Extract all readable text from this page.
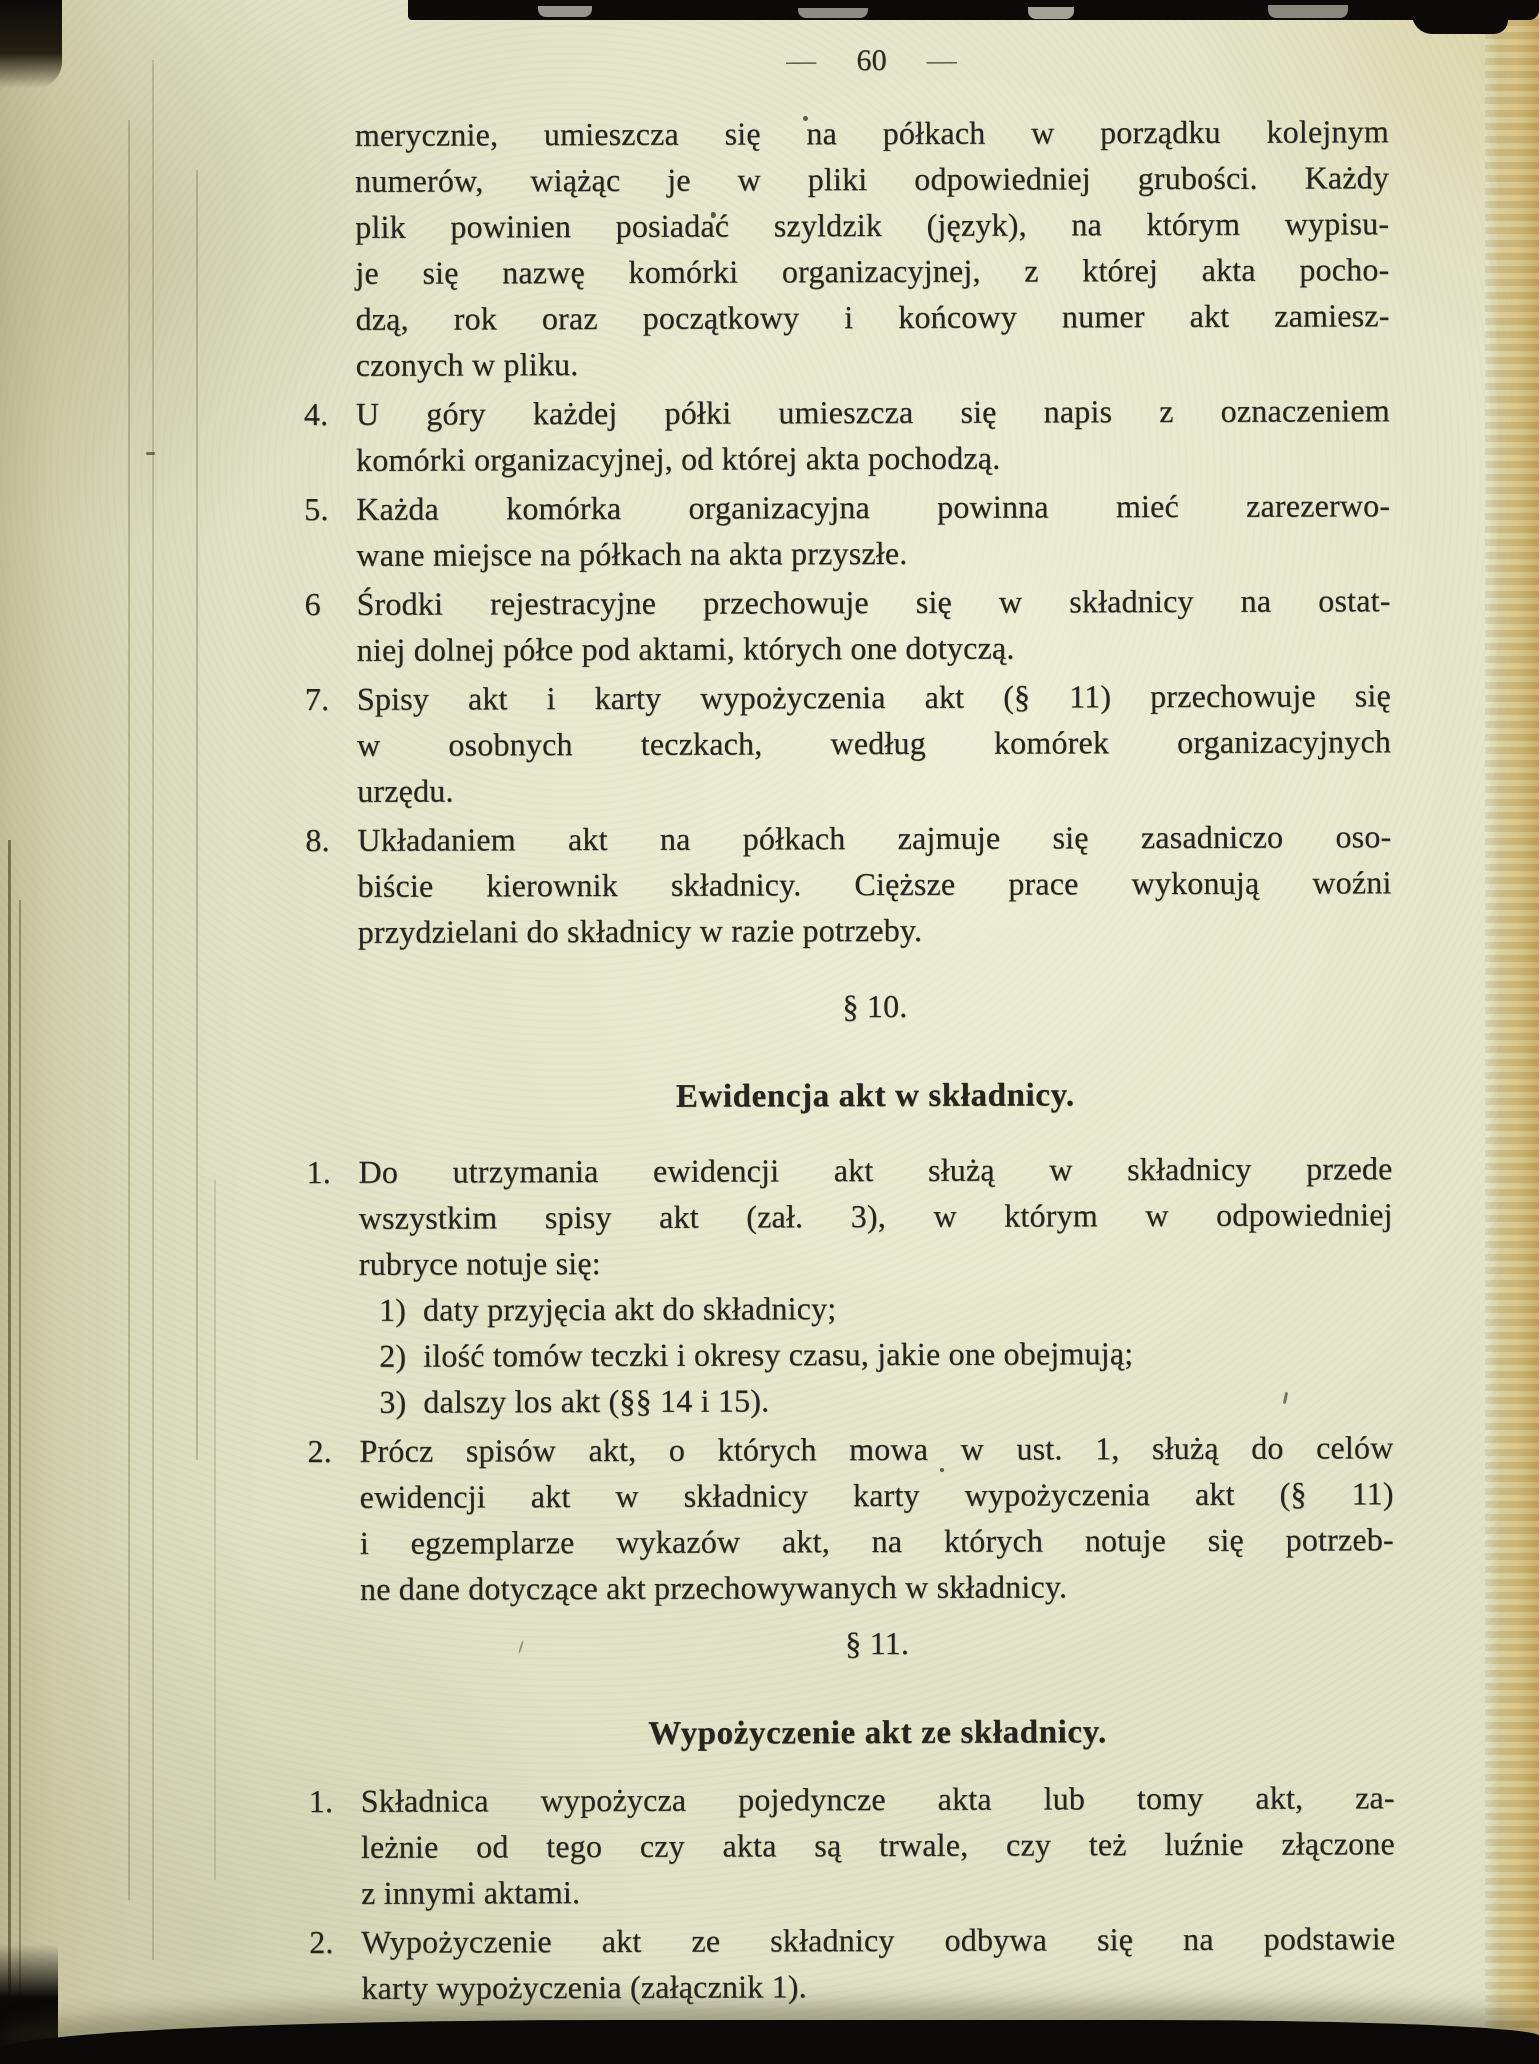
— 60 —
merycznie, umieszcza się na półkach w porządku kolejnym
numerów, wiążąc je w pliki odpowiedniej grubości. Każdy
plik powinien posiadać szyldzik (język), na którym wypisu-
je się nazwę komórki organizacyjnej, z której akta pocho-
dzą, rok oraz początkowy i końcowy numer akt zamiesz-
czonych w pliku.
4. U góry każdej półki umieszcza się napis z oznaczeniem
komórki organizacyjnej, od której akta pochodzą.
5. Każda komórka organizacyjna powinna mieć zarezerwo-
wane miejsce na półkach na akta przyszłe.
6	Środki rejestracyjne przechowuje się w składnicy na ostat-
niej dolnej półce pod aktami, których one dotyczą.
7. Spisy akt i karty wypożyczenia akt (§ 11) przechowuje się
w osobnych teczkach, według komórek organizacyjnych
urzędu.
8. Układaniem akt na półkach zajmuje się zasadniczo oso-
biście kierownik składnicy. Cięższe prace wykonują woźni
przydzielani do składnicy w razie potrzeby.
§ 10.
Ewidencja akt w składnicy.
1. Do utrzymania ewidencji akt służą w składnicy przede
wszystkim spisy akt (zał. 3), w którym w odpowiedniej
rubryce notuje się:
1) daty przyjęcia akt do składnicy;
2) ilość tomów teczki i okresy czasu, jakie one obejmują;
3) dalszy los akt (§§ 14 i 15).
2. Prócz spisów akt, o których mowa w ust. 1, służą do celów
ewidencji akt w składnicy karty wypożyczenia akt (§ 11)
i egzemplarze wykazów akt, na których notuje się potrzeb-
ne dane dotyczące akt przechowywanych w składnicy.
§ 11.
Wypożyczenie akt ze składnicy.
1. Składnica wypożycza pojedyncze akta lub tomy akt, za-
leżnie od tego czy akta są trwale, czy też luźnie złączone
z innymi aktami.
2. Wypożyczenie akt ze składnicy odbywa się na podstawie
karty wypożyczenia (załącznik 1).
